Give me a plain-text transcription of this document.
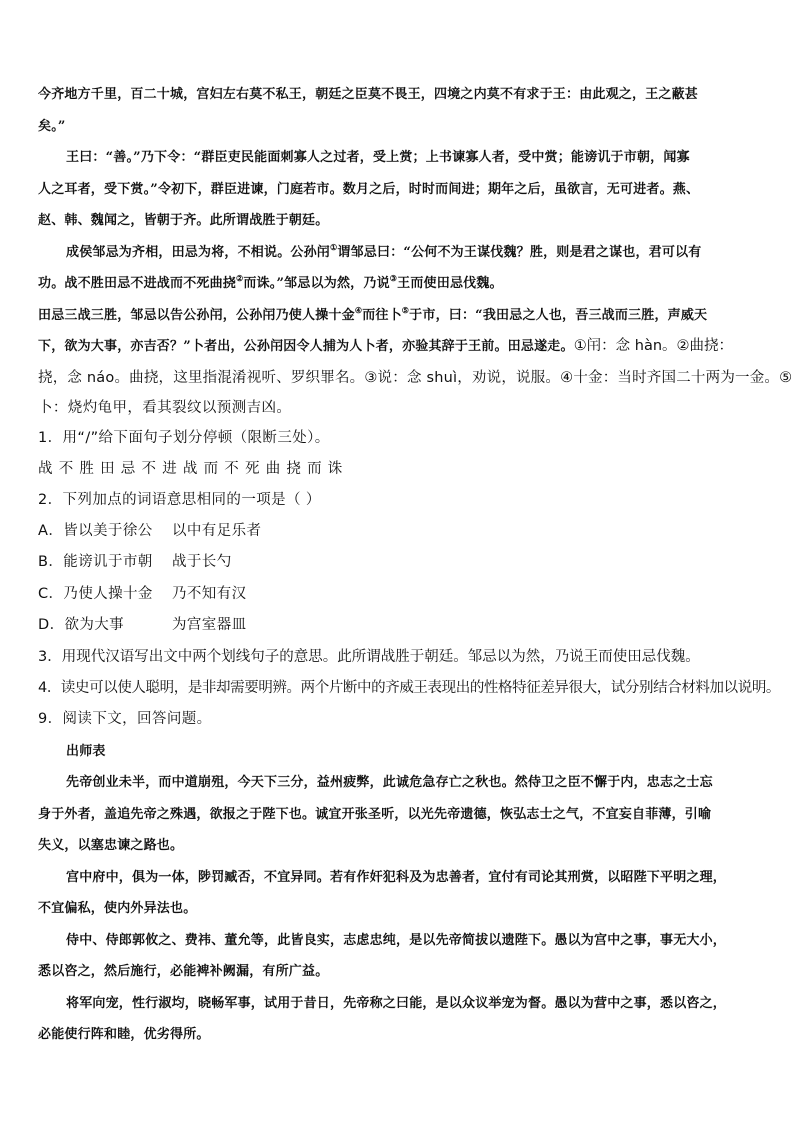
今齐地方千里，百二十城，宫妇左右莫不私王，朝廷之臣莫不畏王，四境之内莫不有求于王：由此观之，王之蔽甚
矣。”
王曰：“善。”乃下令：“群臣吏民能面刺寡人之过者，受上赏；上书谏寡人者，受中赏；能谤讥于市朝，闻寡
人之耳者，受下赏。”令初下，群臣进谏，门庭若市。数月之后，时时而间进；期年之后，虽欲言，无可进者。燕、
赵、韩、魏闻之，皆朝于齐。此所谓战胜于朝廷。
成侯邹忌为齐相，田忌为将，不相说。公孙闬①谓邹忌曰：“公何不为王谋伐魏？胜，则是君之谋也，君可以有
功。战不胜田忌不进战而不死曲挠②而诛。”邹忌以为然，乃说③王而使田忌伐魏。
田忌三战三胜，邹忌以告公孙闬，公孙闬乃使人操十金④而往卜⑤于市，曰：“我田忌之人也，吾三战而三胜，声威天
下，欲为大事，亦吉否？”卜者出，公孙闬因令人捕为人卜者，亦验其辞于王前。田忌遂走。①闬：念 hàn。②曲挠：
挠，念 náo。曲挠，这里指混淆视听、罗织罪名。③说：念 shuì，劝说，说服。④十金：当时齐国二十两为一金。⑤
卜：烧灼龟甲，看其裂纹以预测吉凶。
1．用“/”给下面句子划分停顿（限断三处）。
战不胜田忌不进战而不死曲挠而诛
2．下列加点的词语意思相同的一项是（ ）
A．皆以美于徐公 以中有足乐者
B．能谤讥于市朝 战于长勺
C．乃使人操十金 乃不知有汉
D．欲为大事	为宫室器皿
3．用现代汉语写出文中两个划线句子的意思。此所谓战胜于朝廷。邹忌以为然，乃说王而使田忌伐魏。
4．读史可以使人聪明，是非却需要明辨。两个片断中的齐威王表现出的性格特征差异很大，试分别结合材料加以说明。
9．阅读下文，回答问题。
出师表
先帝创业未半，而中道崩殂，今天下三分，益州疲弊，此诚危急存亡之秋也。然侍卫之臣不懈于内，忠志之士忘
身于外者，盖追先帝之殊遇，欲报之于陛下也。诚宜开张圣听，以光先帝遗德，恢弘志士之气，不宜妄自菲薄，引喻
失义，以塞忠谏之路也。
宫中府中，俱为一体，陟罚臧否，不宜异同。若有作奸犯科及为忠善者，宜付有司论其刑赏，以昭陛下平明之理，
不宜偏私，使内外异法也。
侍中、侍郎郭攸之、费祎、董允等，此皆良实，志虑忠纯，是以先帝简拔以遗陛下。愚以为宫中之事，事无大小，
悉以咨之，然后施行，必能裨补阙漏，有所广益。
将军向宠，性行淑均，晓畅军事，试用于昔日，先帝称之曰能，是以众议举宠为督。愚以为营中之事，悉以咨之，
必能使行阵和睦，优劣得所。
